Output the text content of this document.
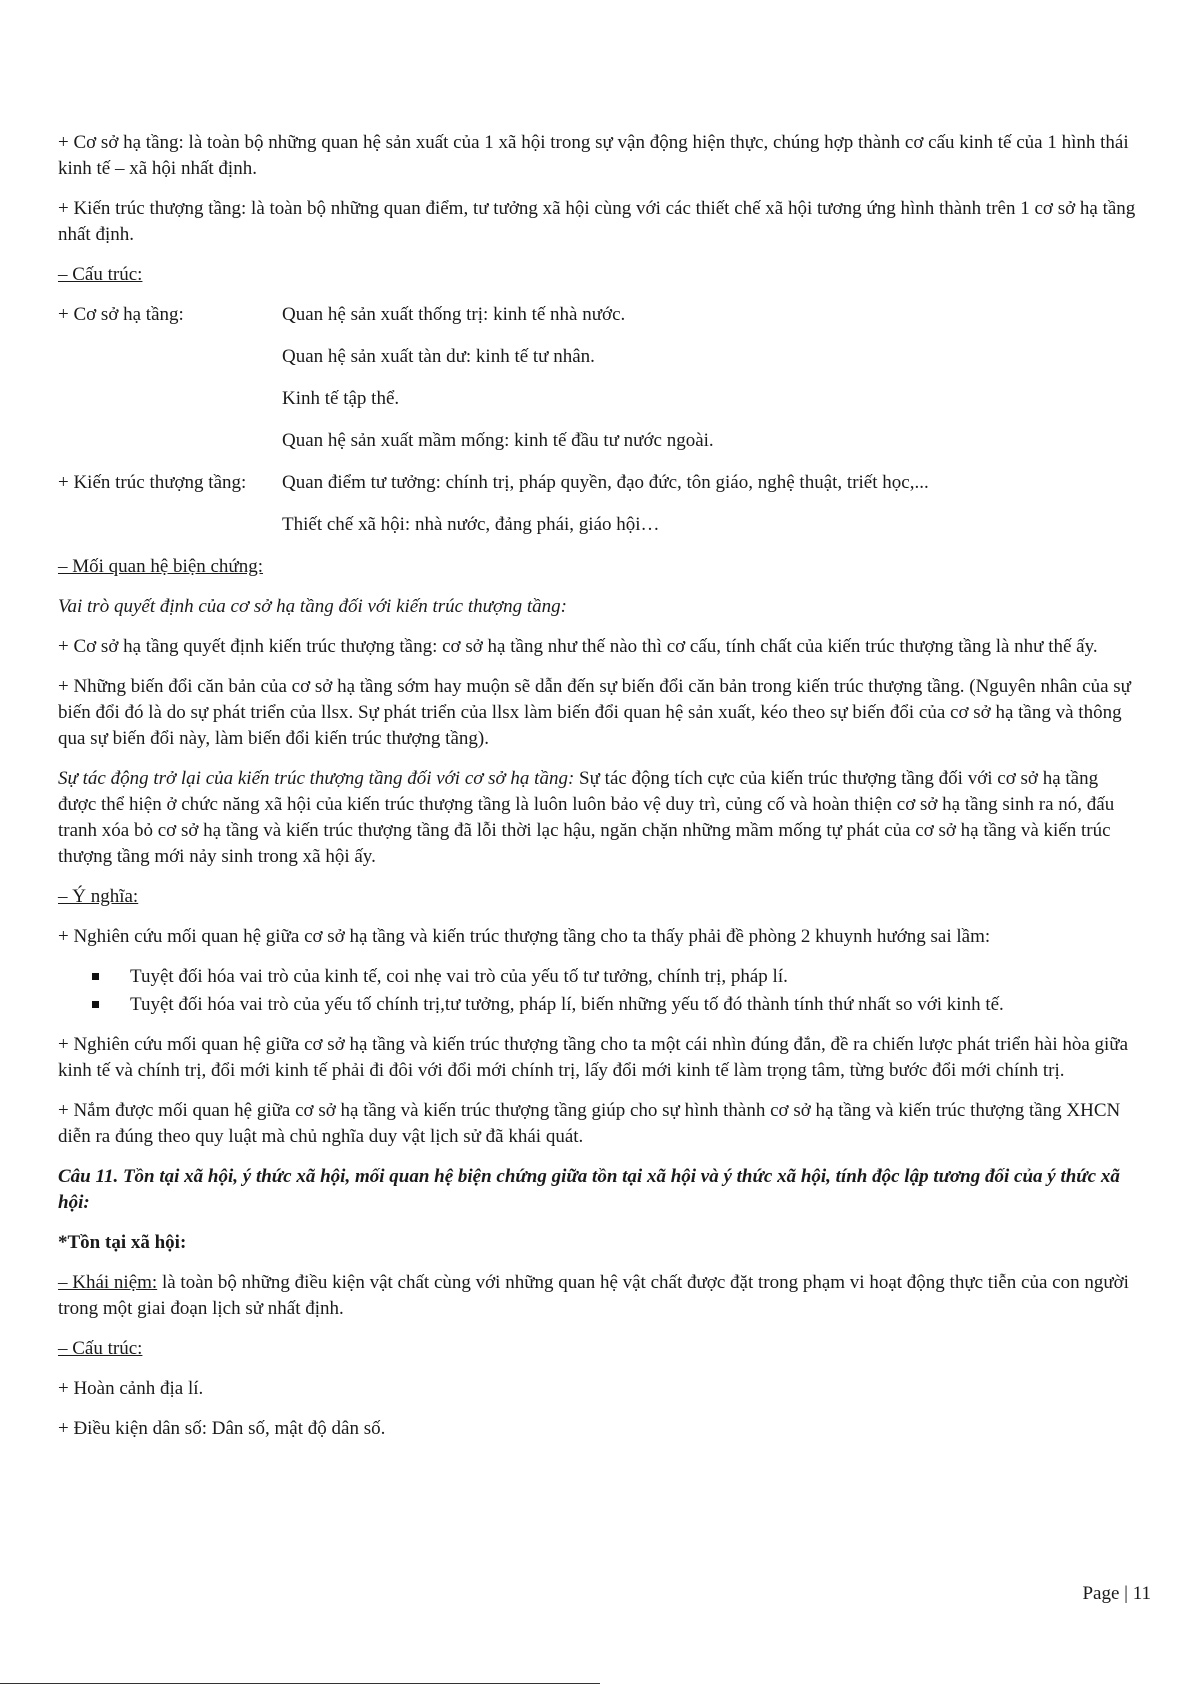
+ Cơ sở hạ tầng: là toàn bộ những quan hệ sản xuất của 1 xã hội trong sự vận động hiện thực, chúng hợp thành cơ cấu kinh tế của 1 hình thái kinh tế – xã hội nhất định.

+ Kiến trúc thượng tầng: là toàn bộ những quan điểm, tư tưởng xã hội cùng với các thiết chế xã hội tương ứng hình thành trên 1 cơ sở hạ tầng nhất định.

– Cấu trúc:

+ Cơ sở hạ tầng:	Quan hệ sản xuất thống trị: kinh tế nhà nước.

Quan hệ sản xuất tàn dư: kinh tế tư nhân.

Kinh tế tập thể.

Quan hệ sản xuất mầm mống: kinh tế đầu tư nước ngoài.

+ Kiến trúc thượng tầng:	Quan điểm tư tưởng: chính trị, pháp quyền, đạo đức, tôn giáo, nghệ thuật, triết học,...

Thiết chế xã hội: nhà nước, đảng phái, giáo hội…

– Mối quan hệ biện chứng:

Vai trò quyết định của cơ sở hạ tầng đối với kiến trúc thượng tầng:

+ Cơ sở hạ tầng quyết định kiến trúc thượng tầng: cơ sở hạ tầng như thế nào thì cơ cấu, tính chất của kiến trúc thượng tầng là như thế ấy.

+ Những biến đổi căn bản của cơ sở hạ tầng sớm hay muộn sẽ dẫn đến sự biến đổi căn bản trong kiến trúc thượng tầng. (Nguyên nhân của sự biến đổi đó là do sự phát triển của llsx. Sự phát triển của llsx làm biến đổi quan hệ sản xuất, kéo theo sự biến đổi của cơ sở hạ tầng và thông qua sự biến đổi này, làm biến đổi kiến trúc thượng tầng).

Sự tác động trở lại của kiến trúc thượng tầng đối với cơ sở hạ tầng: Sự tác động tích cực của kiến trúc thượng tầng đối với cơ sở hạ tầng được thể hiện ở chức năng xã hội của kiến trúc thượng tầng là luôn luôn bảo vệ duy trì, củng cố và hoàn thiện cơ sở hạ tầng sinh ra nó, đấu tranh xóa bỏ cơ sở hạ tầng và kiến trúc thượng tầng đã lỗi thời lạc hậu, ngăn chặn những mầm mống tự phát của cơ sở hạ tầng và kiến trúc thượng tầng mới nảy sinh trong xã hội ấy.

– Ý nghĩa:

+ Nghiên cứu mối quan hệ giữa cơ sở hạ tầng và kiến trúc thượng tầng cho ta thấy phải đề phòng 2 khuynh hướng sai lầm:

Tuyệt đối hóa vai trò của kinh tế, coi nhẹ vai trò của yếu tố tư tưởng, chính trị, pháp lí.
Tuyệt đối hóa vai trò của yếu tố chính trị,tư tưởng, pháp lí, biến những yếu tố đó thành tính thứ nhất so với kinh tế.

+ Nghiên cứu mối quan hệ giữa cơ sở hạ tầng và kiến trúc thượng tầng cho ta một cái nhìn đúng đắn, đề ra chiến lược phát triển hài hòa giữa kinh tế và chính trị, đổi mới kinh tế phải đi đôi với đổi mới chính trị, lấy đổi mới kinh tế làm trọng tâm, từng bước đổi mới chính trị.

+ Nắm được mối quan hệ giữa cơ sở hạ tầng và kiến trúc thượng tầng giúp cho sự hình thành cơ sở hạ tầng và kiến trúc thượng tầng XHCN diễn ra đúng theo quy luật mà chủ nghĩa duy vật lịch sử đã khái quát.

Câu 11. Tồn tại xã hội, ý thức xã hội, mối quan hệ biện chứng giữa tồn tại xã hội và ý thức xã hội, tính độc lập tương đối của ý thức xã hội:

*Tồn tại xã hội:

– Khái niệm: là toàn bộ những điều kiện vật chất cùng với những quan hệ vật chất được đặt trong phạm vi hoạt động thực tiễn của con người trong một giai đoạn lịch sử nhất định.

– Cấu trúc:

+ Hoàn cảnh địa lí.

+ Điều kiện dân số: Dân số, mật độ dân số.

Page | 11
